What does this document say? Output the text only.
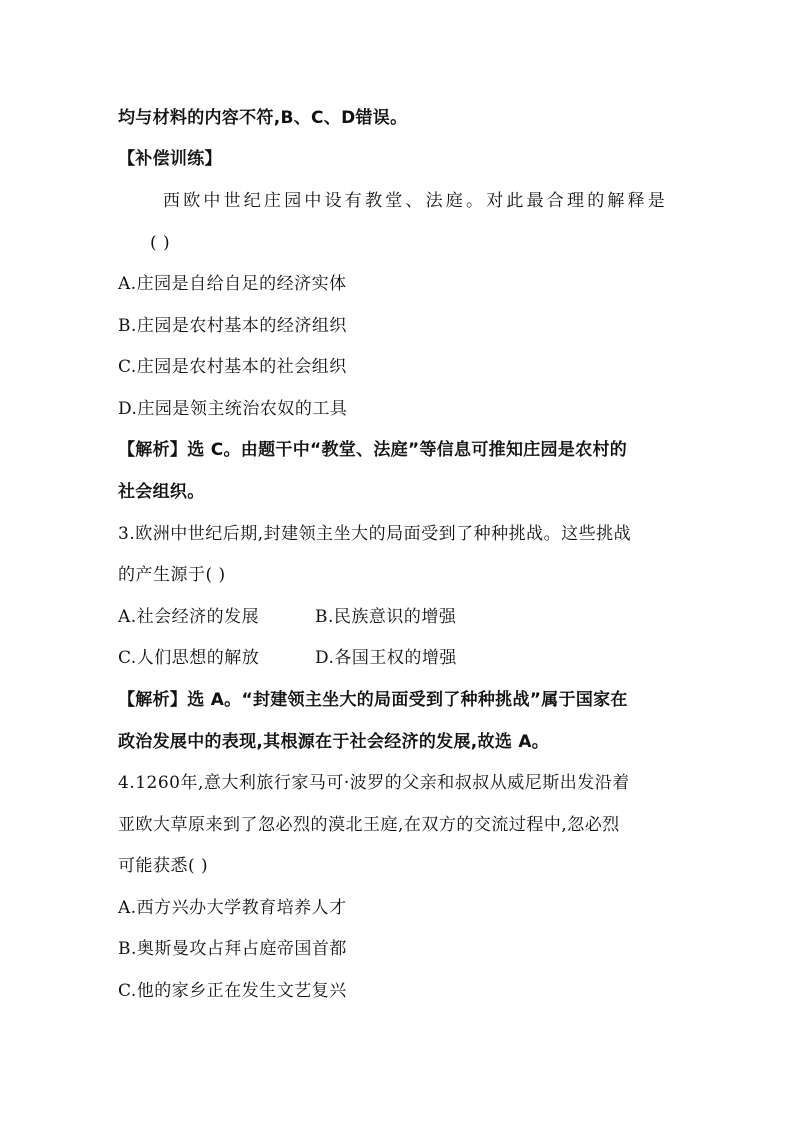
均与材料的内容不符,B、C、D错误。
【补偿训练】
西欧中世纪庄园中设有教堂、法庭。对此最合理的解释是
( )
A.庄园是自给自足的经济实体
B.庄园是农村基本的经济组织
C.庄园是农村基本的社会组织
D.庄园是领主统治农奴的工具
【解析】选 C。由题干中“教堂、法庭”等信息可推知庄园是农村的
社会组织。
3.欧洲中世纪后期,封建领主坐大的局面受到了种种挑战。这些挑战
的产生源于( )
A.社会经济的发展	B.民族意识的增强
C.人们思想的解放	D.各国王权的增强
【解析】选 A。“封建领主坐大的局面受到了种种挑战”属于国家在
政治发展中的表现,其根源在于社会经济的发展,故选 A。
4.1260年,意大利旅行家马可·波罗的父亲和叔叔从威尼斯出发沿着
亚欧大草原来到了忽必烈的漠北王庭,在双方的交流过程中,忽必烈
可能获悉( )
A.西方兴办大学教育培养人才
B.奥斯曼攻占拜占庭帝国首都
C.他的家乡正在发生文艺复兴
